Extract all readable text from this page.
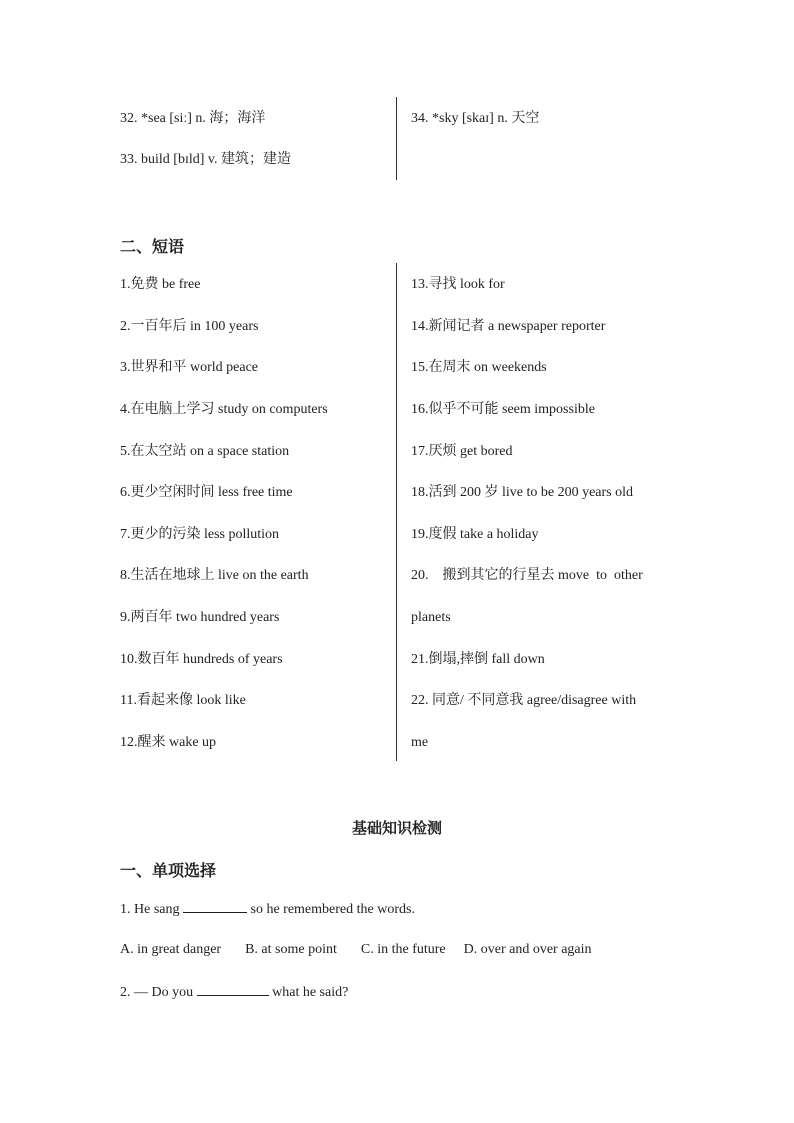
32. *sea [siː] n. 海；海洋
33. build [bɪld] v. 建筑；建造
34. *sky [skaɪ] n. 天空
二、短语
1.免费 be free
2.一百年后 in 100 years
3.世界和平 world peace
4.在电脑上学习 study on computers
5.在太空站 on a space station
6.更少空闲时间 less free time
7.更少的污染 less pollution
8.生活在地球上 live on the earth
9.两百年 two hundred years
10.数百年 hundreds of years
11.看起来像 look like
12.醒来 wake up
13.寻找 look for
14.新闻记者 a newspaper reporter
15.在周末 on weekends
16.似乎不可能 seem impossible
17.厌烦 get bored
18.活到 200 岁 live to be 200 years old
19.度假 take a holiday
20.    搬到其它的行星去 move  to  other
planets
21.倒塌,摔倒 fall down
22. 同意/ 不同意我 agree/disagree with
me
基础知识检测
一、单项选择
1. He sang	so he remembered the words.
A. in great danger B. at some point C. in the future D. over and over again
2. — Do you	what he said?
